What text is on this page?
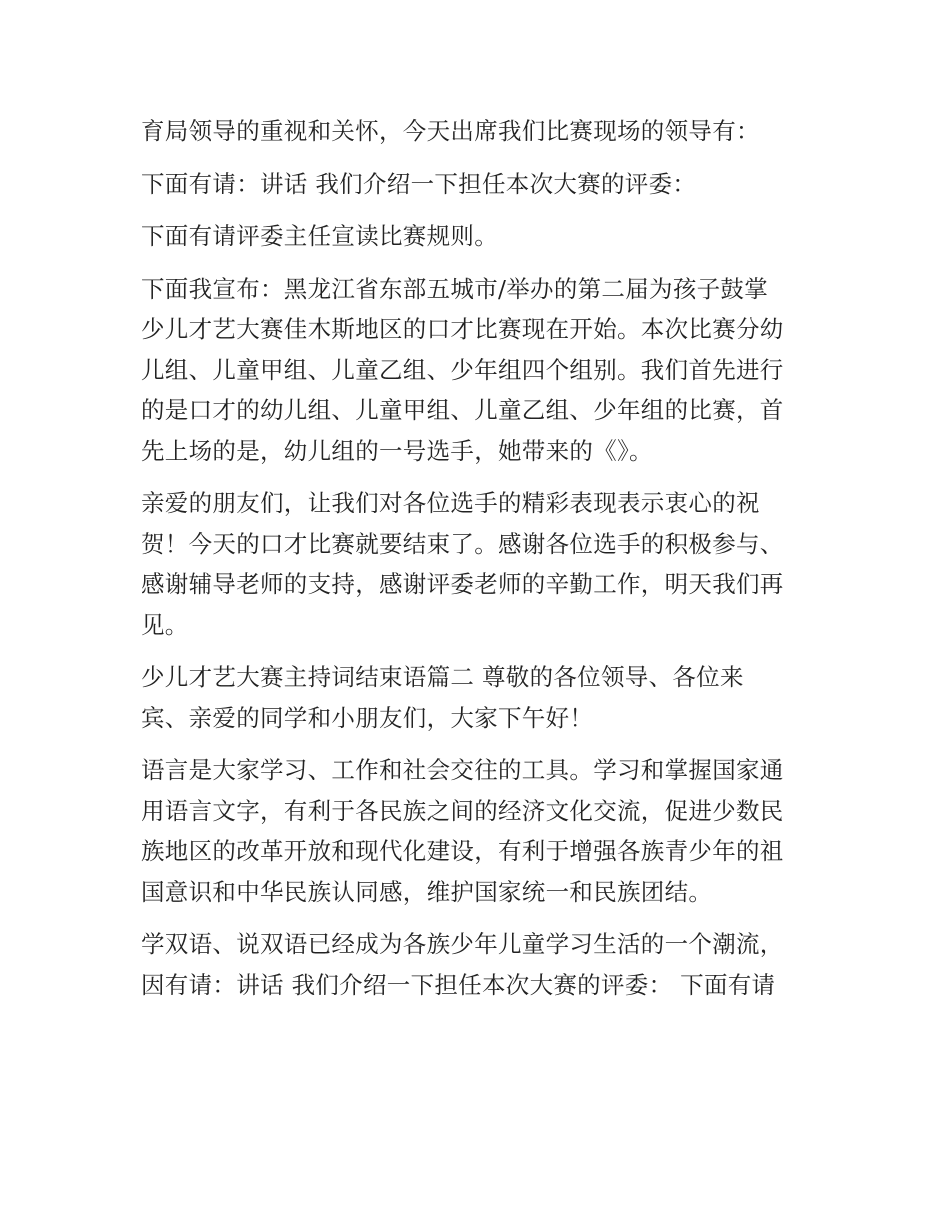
育局领导的重视和关怀，今天出席我们比赛现场的领导有：
下面有请：讲话 我们介绍一下担任本次大赛的评委：
下面有请评委主任宣读比赛规则。
下面我宣布：黑龙江省东部五城市/举办的第二届为孩子鼓掌
少儿才艺大赛佳木斯地区的口才比赛现在开始。本次比赛分幼
儿组、儿童甲组、儿童乙组、少年组四个组别。我们首先进行
的是口才的幼儿组、儿童甲组、儿童乙组、少年组的比赛，首
先上场的是，幼儿组的一号选手，她带来的《》。
亲爱的朋友们，让我们对各位选手的精彩表现表示衷心的祝
贺！今天的口才比赛就要结束了。感谢各位选手的积极参与、
感谢辅导老师的支持，感谢评委老师的辛勤工作，明天我们再
见。
少儿才艺大赛主持词结束语篇二 尊敬的各位领导、各位来
宾、亲爱的同学和小朋友们，大家下午好！
语言是大家学习、工作和社会交往的工具。学习和掌握国家通
用语言文字，有利于各民族之间的经济文化交流，促进少数民
族地区的改革开放和现代化建设，有利于增强各族青少年的祖
国意识和中华民族认同感，维护国家统一和民族团结。
学双语、说双语已经成为各族少年儿童学习生活的一个潮流，
因有请：讲话 我们介绍一下担任本次大赛的评委： 下面有请
